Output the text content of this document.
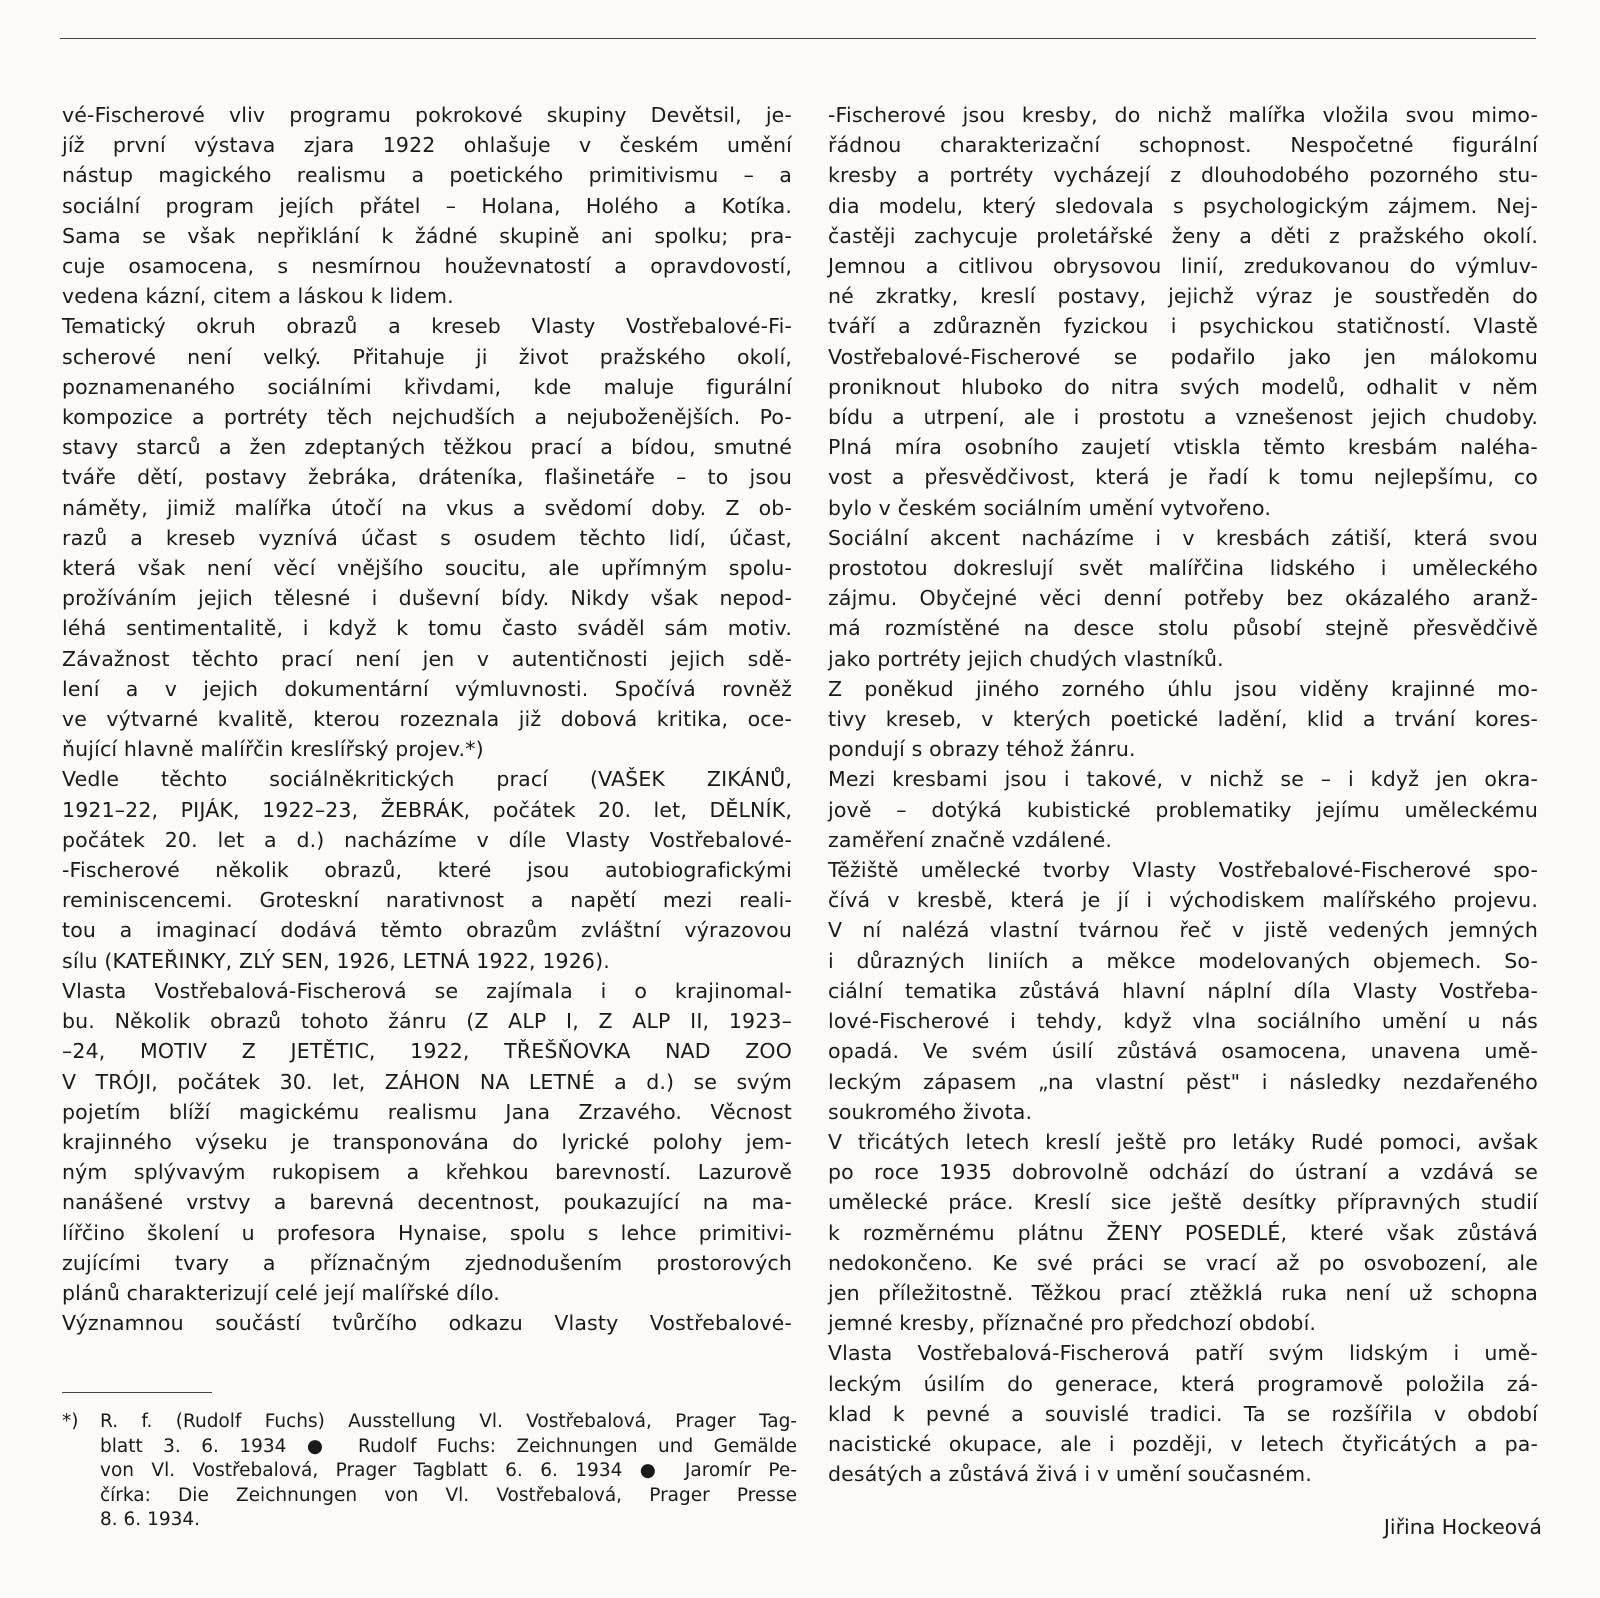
vé-Fischerové vliv programu pokrokové skupiny Devětsil, je-
jíž první výstava zjara 1922 ohlašuje v českém umění
nástup magického realismu a poetického primitivismu – a
sociální program jejích přátel – Holana, Holého a Kotíka.
Sama se však nepřiklání k žádné skupině ani spolku; pra-
cuje osamocena, s nesmírnou houževnatostí a opravdovostí,
vedena kázní, citem a láskou k lidem.
Tematický okruh obrazů a kreseb Vlasty Vostřebalové-Fi-
scherové není velký. Přitahuje ji život pražského okolí,
poznamenaného sociálními křivdami, kde maluje figurální
kompozice a portréty těch nejchudších a nejuboženějších. Po-
stavy starců a žen zdeptaných těžkou prací a bídou, smutné
tváře dětí, postavy žebráka, dráteníka, flašinetáře – to jsou
náměty, jimiž malířka útočí na vkus a svědomí doby. Z ob-
razů a kreseb vyznívá účast s osudem těchto lidí, účast,
která však není věcí vnějšího soucitu, ale upřímným spolu-
prožíváním jejich tělesné i duševní bídy. Nikdy však nepod-
léhá sentimentalitě, i když k tomu často sváděl sám motiv.
Závažnost těchto prací není jen v autentičnosti jejich sdě-
lení a v jejich dokumentární výmluvnosti. Spočívá rovněž
ve výtvarné kvalitě, kterou rozeznala již dobová kritika, oce-
ňující hlavně malířčin kreslířský projev.*)
Vedle těchto sociálněkritických prací (VAŠEK ZIKÁNŮ,
1921–22, PIJÁK, 1922–23, ŽEBRÁK, počátek 20. let, DĚLNÍK,
počátek 20. let a d.) nacházíme v díle Vlasty Vostřebalové-
-Fischerové několik obrazů, které jsou autobiografickými
reminiscencemi. Groteskní narativnost a napětí mezi reali-
tou a imaginací dodává těmto obrazům zvláštní výrazovou
sílu (KATEŘINKY, ZLÝ SEN, 1926, LETNÁ 1922, 1926).
Vlasta Vostřebalová-Fischerová se zajímala i o krajinomal-
bu. Několik obrazů tohoto žánru (Z ALP I, Z ALP II, 1923–
–24, MOTIV Z JETĚTIC, 1922, TŘEŠŇOVKA NAD ZOO
V TRÓJI, počátek 30. let, ZÁHON NA LETNÉ a d.) se svým
pojetím blíží magickému realismu Jana Zrzavého. Věcnost
krajinného výseku je transponována do lyrické polohy jem-
ným splývavým rukopisem a křehkou barevností. Lazurově
nanášené vrstvy a barevná decentnost, poukazující na ma-
lířčino školení u profesora Hynaise, spolu s lehce primitivi-
zujícími tvary a příznačným zjednodušením prostorových
plánů charakterizují celé její malířské dílo.
Významnou součástí tvůrčího odkazu Vlasty Vostřebalové-
-Fischerové jsou kresby, do nichž malířka vložila svou mimo-
řádnou charakterizační schopnost. Nespočetné figurální
kresby a portréty vycházejí z dlouhodobého pozorného stu-
dia modelu, který sledovala s psychologickým zájmem. Nej-
častěji zachycuje proletářské ženy a děti z pražského okolí.
Jemnou a citlivou obrysovou linií, zredukovanou do výmluv-
né zkratky, kreslí postavy, jejichž výraz je soustředěn do
tváří a zdůrazněn fyzickou i psychickou statičností. Vlastě
Vostřebalové-Fischerové se podařilo jako jen málokomu
proniknout hluboko do nitra svých modelů, odhalit v něm
bídu a utrpení, ale i prostotu a vznešenost jejich chudoby.
Plná míra osobního zaujetí vtiskla těmto kresbám naléha-
vost a přesvědčivost, která je řadí k tomu nejlepšímu, co
bylo v českém sociálním umění vytvořeno.
Sociální akcent nacházíme i v kresbách zátiší, která svou
prostotou dokreslují svět malířčina lidského i uměleckého
zájmu. Obyčejné věci denní potřeby bez okázalého aranž-
má rozmístěné na desce stolu působí stejně přesvědčivě
jako portréty jejich chudých vlastníků.
Z poněkud jiného zorného úhlu jsou viděny krajinné mo-
tivy kreseb, v kterých poetické ladění, klid a trvání kores-
pondují s obrazy téhož žánru.
Mezi kresbami jsou i takové, v nichž se – i když jen okra-
jově – dotýká kubistické problematiky jejímu uměleckému
zaměření značně vzdálené.
Těžiště umělecké tvorby Vlasty Vostřebalové-Fischerové spo-
čívá v kresbě, která je jí i východiskem malířského projevu.
V ní nalézá vlastní tvárnou řeč v jistě vedených jemných
i důrazných liniích a měkce modelovaných objemech. So-
ciální tematika zůstává hlavní náplní díla Vlasty Vostřeba-
lové-Fischerové i tehdy, když vlna sociálního umění u nás
opadá. Ve svém úsilí zůstává osamocena, unavena umě-
leckým zápasem „na vlastní pěst" i následky nezdařeného
soukromého života.
V třicátých letech kreslí ještě pro letáky Rudé pomoci, avšak
po roce 1935 dobrovolně odchází do ústraní a vzdává se
umělecké práce. Kreslí sice ještě desítky přípravných studií
k rozměrnému plátnu ŽENY POSEDLÉ, které však zůstává
nedokončeno. Ke své práci se vrací až po osvobození, ale
jen příležitostně. Těžkou prací ztěžklá ruka není už schopna
jemné kresby, příznačné pro předchozí období.
Vlasta Vostřebalová-Fischerová patří svým lidským i umě-
leckým úsilím do generace, která programově položila zá-
klad k pevné a souvislé tradici. Ta se rozšířila v období
nacistické okupace, ale i později, v letech čtyřicátých a pa-
desátých a zůstává živá i v umění současném.
*)	R. f. (Rudolf Fuchs) Ausstellung Vl. Vostřebalová, Prager Tag-
blatt 3. 6. 1934 ● Rudolf Fuchs: Zeichnungen und Gemälde
von Vl. Vostřebalová, Prager Tagblatt 6. 6. 1934 ● Jaromír Pe-
čírka: Die Zeichnungen von Vl. Vostřebalová, Prager Presse
8. 6. 1934.	Jiřina Hockeová
